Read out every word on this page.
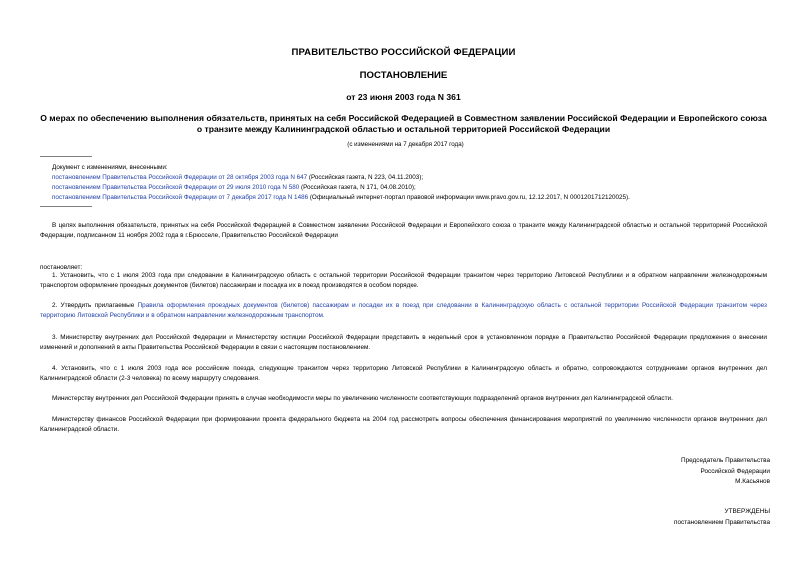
ПРАВИТЕЛЬСТВО РОССИЙСКОЙ ФЕДЕРАЦИИ
ПОСТАНОВЛЕНИЕ
от 23 июня 2003 года N 361
О мерах по обеспечению выполнения обязательств, принятых на себя Российской Федерацией в Совместном заявлении Российской Федерации и Европейского союза о транзите между Калининградской областью и остальной территорией Российской Федерации
(с изменениями на 7 декабря 2017 года)
Документ с изменениями, внесенными:
постановлением Правительства Российской Федерации от 28 октября 2003 года N 647 (Российская газета, N 223, 04.11.2003);
постановлением Правительства Российской Федерации от 29 июля 2010 года N 580 (Российская газета, N 171, 04.08.2010);
постановлением Правительства Российской Федерации от 7 декабря 2017 года N 1486 (Официальный интернет-портал правовой информации www.pravo.gov.ru, 12.12.2017, N 0001201712120025).
В целях выполнения обязательств, принятых на себя Российской Федерацией в Совместном заявлении Российской Федерации и Европейского союза о транзите между Калининградской областью и остальной территорией Российской Федерации, подписанном 11 ноября 2002 года в г.Брюсселе, Правительство Российской Федерации
постановляет:
1. Установить, что с 1 июля 2003 года при следовании в Калининградскую область с остальной территории Российской Федерации транзитом через территорию Литовской Республики и в обратном направлении железнодорожным транспортом оформление проездных документов (билетов) пассажирам и посадка их в поезд производятся в особом порядке.
2. Утвердить прилагаемые Правила оформления проездных документов (билетов) пассажирам и посадки их в поезд при следовании в Калининградскую область с остальной территории Российской Федерации транзитом через территорию Литовской Республики и в обратном направлении железнодорожным транспортом.
3. Министерству внутренних дел Российской Федерации и Министерству юстиции Российской Федерации представить в недельный срок в установленном порядке в Правительство Российской Федерации предложения о внесении изменений и дополнений в акты Правительства Российской Федерации в связи с настоящим постановлением.
4. Установить, что с 1 июля 2003 года все российские поезда, следующие транзитом через территорию Литовской Республики в Калининградскую область и обратно, сопровождаются сотрудниками органов внутренних дел Калининградской области (2-3 человека) по всему маршруту следования.
Министерству внутренних дел Российской Федерации принять в случае необходимости меры по увеличению численности соответствующих подразделений органов внутренних дел Калининградской области.
Министерству финансов Российской Федерации при формировании проекта федерального бюджета на 2004 год рассмотреть вопросы обеспечения финансирования мероприятий по увеличению численности органов внутренних дел Калининградской области.
Председатель Правительства
Российской Федерации
М.Касьянов
УТВЕРЖДЕНЫ
постановлением Правительства
